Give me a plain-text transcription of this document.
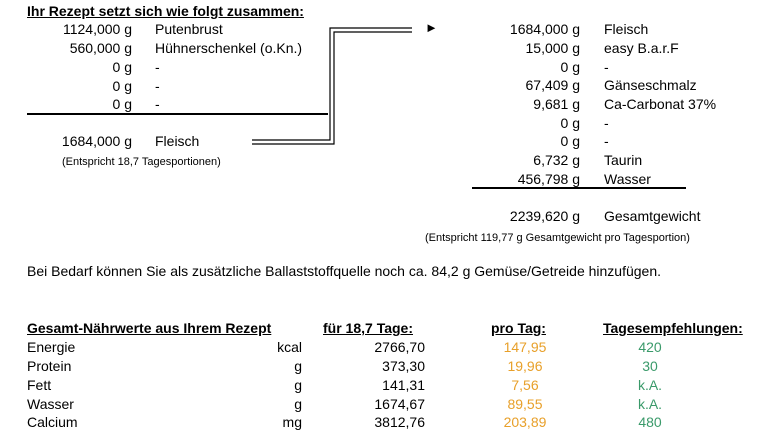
Ihr Rezept setzt sich wie folgt zusammen:
1124,000 g Putenbrust
560,000 g Hühnerschenkel (o.Kn.)
0 g -
0 g -
0 g -
1684,000 g Fleisch
(Entspricht 18,7 Tagesportionen)
►	1684,000 g Fleisch
15,000 g easy B.a.r.F
0 g -
67,409 g Gänseschmalz
9,681 g Ca-Carbonat 37%
0 g -
0 g -
6,732 g Taurin
456,798 g Wasser
2239,620 g Gesamtgewicht
(Entspricht 119,77 g Gesamtgewicht pro Tagesportion)
Bei Bedarf können Sie als zusätzliche Ballaststoffquelle noch ca. 84,2 g Gemüse/Getreide hinzufügen.
Gesamt-Nährwerte aus Ihrem Rezept	für 18,7 Tage:	pro Tag:	Tagesempfehlungen:
Energie	kcal	2766,70	147,95	420
Protein	g	373,30	19,96	30
Fett	g	141,31	7,56	k.A.
Wasser	g	1674,67	89,55	k.A.
Calcium	mg	3812,76	203,89	480
